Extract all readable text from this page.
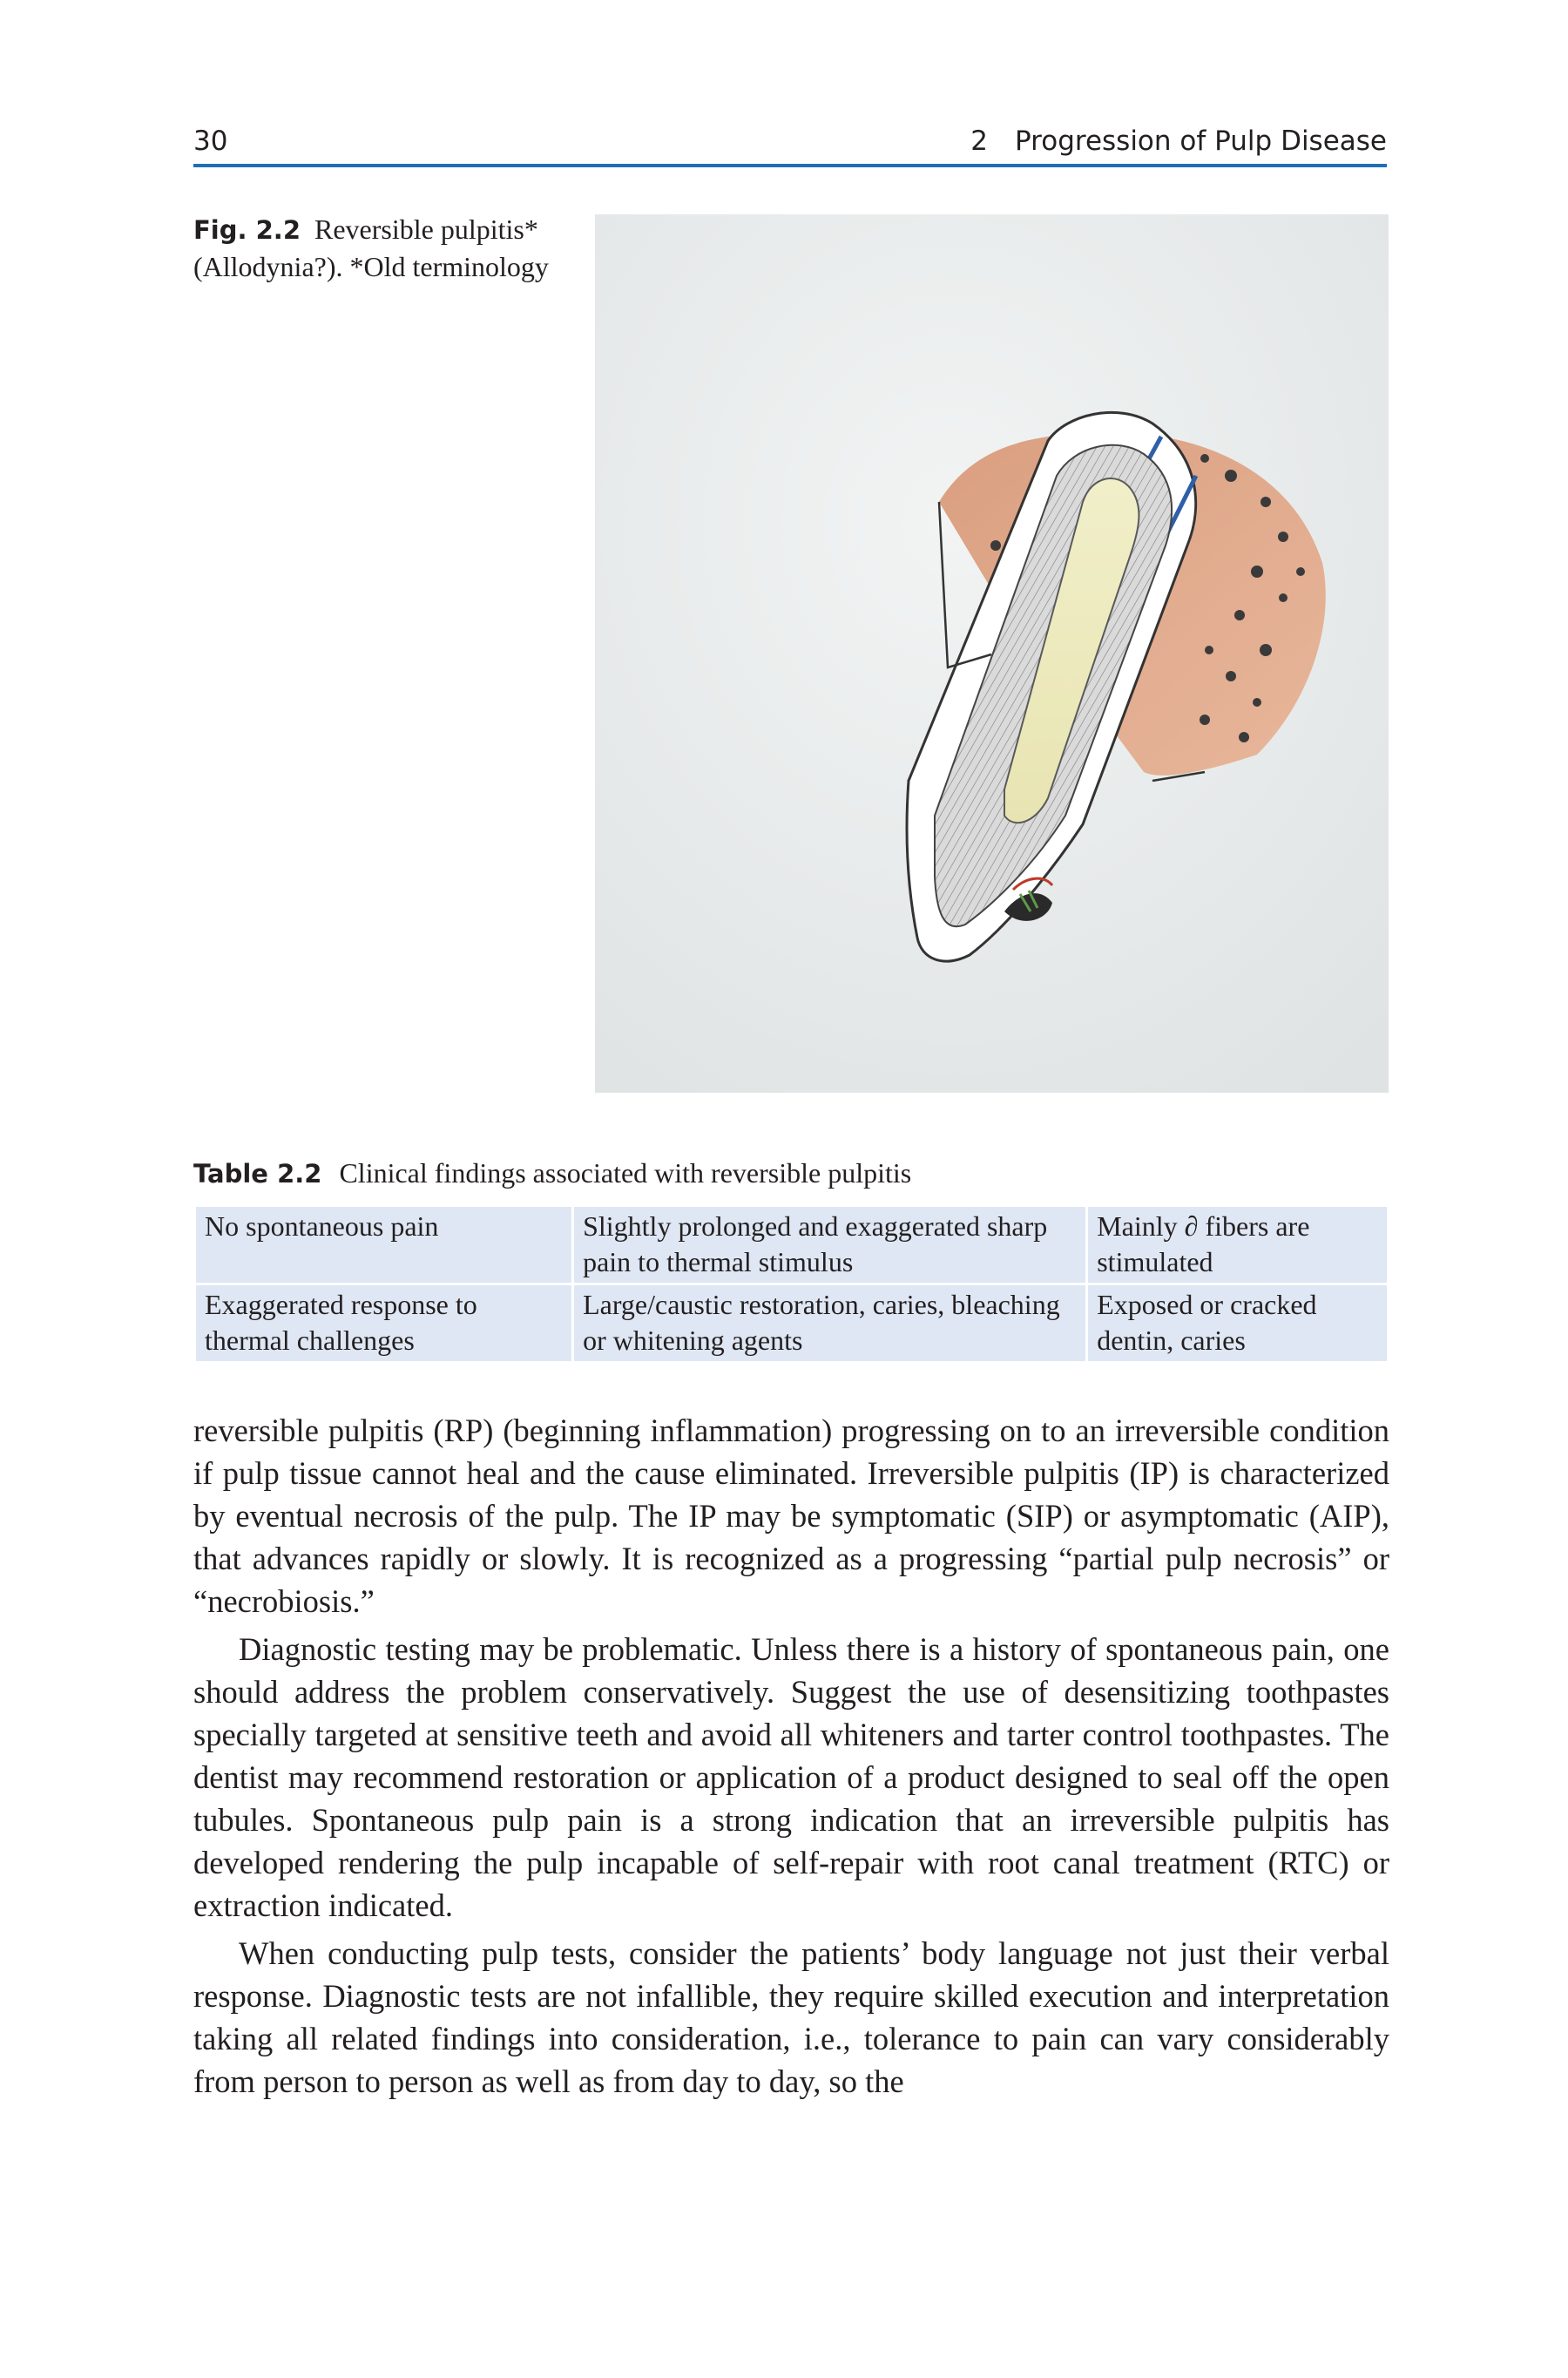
30	2 Progression of Pulp Disease
Fig. 2.2 Reversible pulpitis* (Allodynia?). *Old terminology
Table 2.2 Clinical findings associated with reversible pulpitis
No spontaneous pain	Slightly prolonged and exaggerated sharp pain to thermal stimulus	Mainly ∂ fibers are stimulated
Exaggerated response to thermal challenges	Large/caustic restoration, caries, bleaching or whitening agents	Exposed or cracked dentin, caries

reversible pulpitis (RP) (beginning inflammation) progressing on to an irreversible condition if pulp tissue cannot heal and the cause eliminated. Irreversible pulpitis (IP) is characterized by eventual necrosis of the pulp. The IP may be symptomatic (SIP) or asymptomatic (AIP), that advances rapidly or slowly. It is recognized as a progressing “partial pulp necrosis” or “necrobiosis.”

Diagnostic testing may be problematic. Unless there is a history of spontaneous pain, one should address the problem conservatively. Suggest the use of desensitizing toothpastes specially targeted at sensitive teeth and avoid all whiteners and tarter control toothpastes. The dentist may recommend restoration or application of a product designed to seal off the open tubules. Spontaneous pulp pain is a strong indication that an irreversible pulpitis has developed rendering the pulp incapable of self-repair with root canal treatment (RTC) or extraction indicated.

When conducting pulp tests, consider the patients’ body language not just their verbal response. Diagnostic tests are not infallible, they require skilled execution and interpretation taking all related findings into consideration, i.e., tolerance to pain can vary considerably from person to person as well as from day to day, so the
